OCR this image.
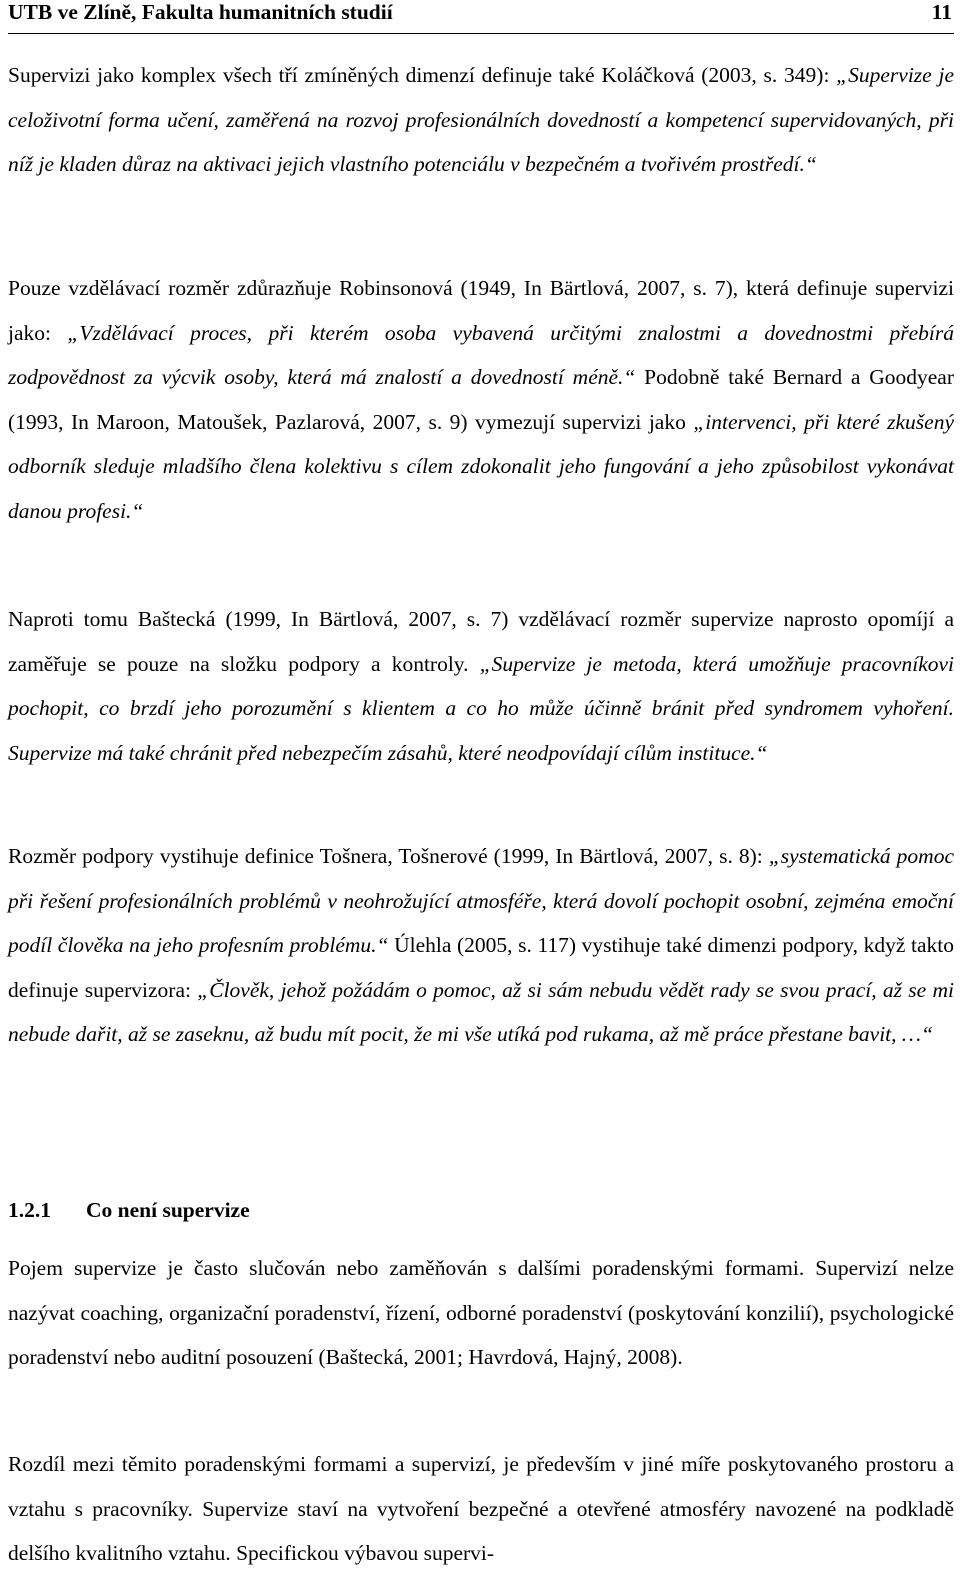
UTB ve Zlíně, Fakulta humanitních studií	11

Supervizi jako komplex všech tří zmíněných dimenzí definuje také Koláčková (2003, s. 349): „Supervize je celoživotní forma učení, zaměřená na rozvoj profesionálních dovedností a kompetencí supervidovaných, při níž je kladen důraz na aktivaci jejich vlastního potenciálu v bezpečném a tvořivém prostředí.“

Pouze vzdělávací rozměr zdůrazňuje Robinsonová (1949, In Bärtlová, 2007, s. 7), která definuje supervizi jako: „Vzdělávací proces, při kterém osoba vybavená určitými znalostmi a dovednostmi přebírá zodpovědnost za výcvik osoby, která má znalostí a dovedností méně.“ Podobně také Bernard a Goodyear (1993, In Maroon, Matoušek, Pazlarová, 2007, s. 9) vymezují supervizi jako „intervenci, při které zkušený odborník sleduje mladšího člena kolektivu s cílem zdokonalit jeho fungování a jeho způsobilost vykonávat danou profesi.“

Naproti tomu Baštecká (1999, In Bärtlová, 2007, s. 7) vzdělávací rozměr supervize naprosto opomíjí a zaměřuje se pouze na složku podpory a kontroly. „Supervize je metoda, která umožňuje pracovníkovi pochopit, co brzdí jeho porozumění s klientem a co ho může účinně bránit před syndromem vyhoření. Supervize má také chránit před nebezpečím zásahů, které neodpovídají cílům instituce.“

Rozměr podpory vystihuje definice Tošnera, Tošnerové (1999, In Bärtlová, 2007, s. 8): „systematická pomoc při řešení profesionálních problémů v neohrožující atmosféře, která dovolí pochopit osobní, zejména emoční podíl člověka na jeho profesním problému.“ Úlehla (2005, s. 117) vystihuje také dimenzi podpory, když takto definuje supervizora: „Člověk, jehož požádám o pomoc, až si sám nebudu vědět rady se svou prací, až se mi nebude dařit, až se zaseknu, až budu mít pocit, že mi vše utíká pod rukama, až mě práce přestane bavit, …“

1.2.1 Co není supervize

Pojem supervize je často slučován nebo zaměňován s dalšími poradenskými formami. Supervizí nelze nazývat coaching, organizační poradenství, řízení, odborné poradenství (poskytování konzilií), psychologické poradenství nebo auditní posouzení (Baštecká, 2001; Havrdová, Hajný, 2008).

Rozdíl mezi těmito poradenskými formami a supervizí, je především v jiné míře poskytovaného prostoru a vztahu s pracovníky. Supervize staví na vytvoření bezpečné a otevřené atmosféry navozené na podkladě delšího kvalitního vztahu. Specifickou výbavou supervi-
